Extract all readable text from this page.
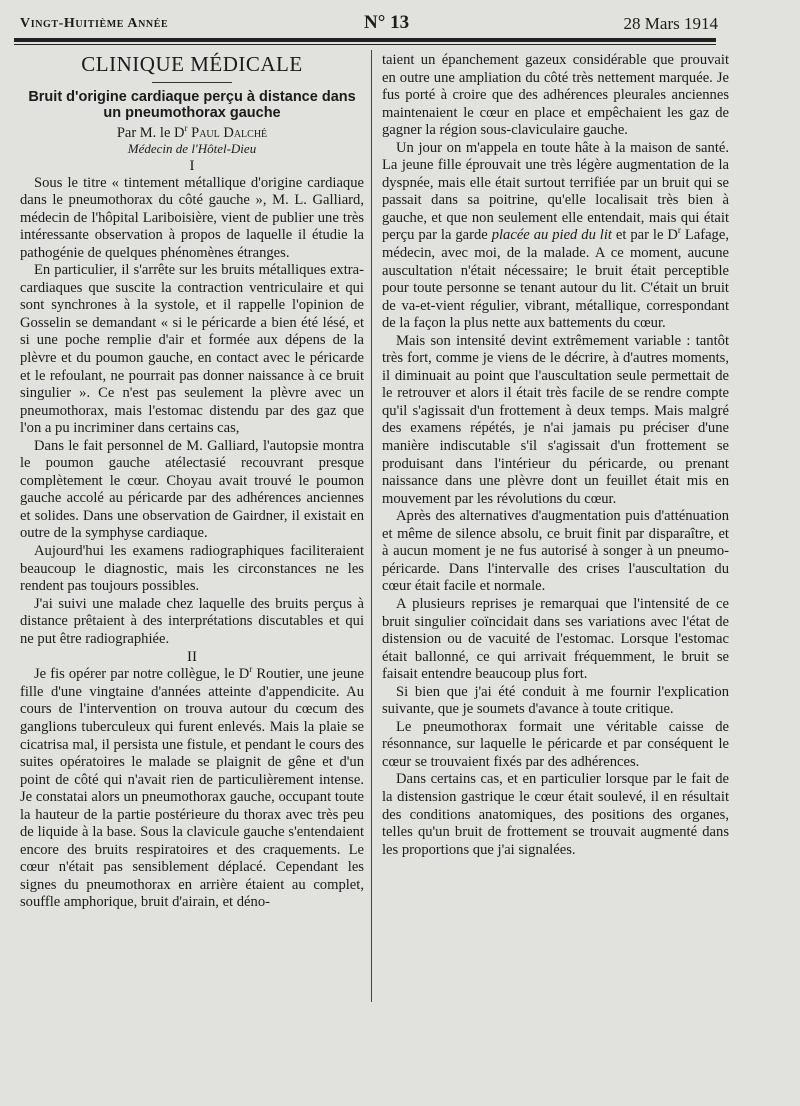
Vingt-Huitième Année	N° 13	28 Mars 1914
CLINIQUE MÉDICALE
Bruit d'origine cardiaque perçu à distance dans un pneumothorax gauche
Par M. le $D^r$ Paul Dalché
Médecin de l'Hôtel-Dieu
I

Sous le titre « tintement métallique d'origine cardiaque dans le pneumothorax du côté gauche », M. L. Galliard, médecin de l'hôpital Lariboisière, vient de publier une très intéressante observation à propos de laquelle il étudie la pathogénie de quelques phénomènes étranges.

En particulier, il s'arrête sur les bruits métalliques extra-cardiaques que suscite la contraction ventriculaire et qui sont synchrones à la systole, et il rappelle l'opinion de Gosselin se demandant « si le péricarde a bien été lésé, et si une poche remplie d'air et formée aux dépens de la plèvre et du poumon gauche, en contact avec le péricarde et le refoulant, ne pourrait pas donner naissance à ce bruit singulier ». Ce n'est pas seulement la plèvre avec un pneumothorax, mais l'estomac distendu par des gaz que l'on a pu incriminer dans certains cas,

Dans le fait personnel de M. Galliard, l'autopsie montra le poumon gauche atélectasié recouvrant presque complètement le cœur. Choyau avait trouvé le poumon gauche accolé au péricarde par des adhérences anciennes et solides. Dans une observation de Gairdner, il existait en outre de la symphyse cardiaque.

Aujourd'hui les examens radiographiques faciliteraient beaucoup le diagnostic, mais les circonstances ne les rendent pas toujours possibles.

J'ai suivi une malade chez laquelle des bruits perçus à distance prêtaient à des interprétations discutables et qui ne put être radiographiée.

II

Je fis opérer par notre collègue, le $D^r$ Routier, une jeune fille d'une vingtaine d'années atteinte d'appendicite. Au cours de l'intervention on trouva autour du cœcum des ganglions tuberculeux qui furent enlevés. Mais la plaie se cicatrisa mal, il persista une fistule, et pendant le cours des suites opératoires le malade se plaignit de gêne et d'un point de côté qui n'avait rien de particulièrement intense. Je constatai alors un pneumothorax gauche, occupant toute la hauteur de la partie postérieure du thorax avec très peu de liquide à la base. Sous la clavicule gauche s'entendaient encore des bruits respiratoires et des craquements. Le cœur n'était pas sensiblement déplacé. Cependant les signes du pneumothorax en arrière étaient au complet, souffle amphorique, bruit d'airain, et déno-

taient un épanchement gazeux considérable que prouvait en outre une ampliation du côté très nettement marquée. Je fus porté à croire que des adhérences pleurales anciennes maintenaient le cœur en place et empêchaient les gaz de gagner la région sous-claviculaire gauche.

Un jour on m'appela en toute hâte à la maison de santé. La jeune fille éprouvait une très légère augmentation de la dyspnée, mais elle était surtout terrifiée par un bruit qui se passait dans sa poitrine, qu'elle localisait très bien à gauche, et que non seulement elle entendait, mais qui était perçu par la garde placée au pied du lit et par le $D^r$ Lafage, médecin, avec moi, de la malade. A ce moment, aucune auscultation n'était nécessaire; le bruit était perceptible pour toute personne se tenant autour du lit. C'était un bruit de va-et-vient régulier, vibrant, métallique, correspondant de la façon la plus nette aux battements du cœur.

Mais son intensité devint extrêmement variable : tantôt très fort, comme je viens de le décrire, à d'autres moments, il diminuait au point que l'auscultation seule permettait de le retrouver et alors il était très facile de se rendre compte qu'il s'agissait d'un frottement à deux temps. Mais malgré des examens répétés, je n'ai jamais pu préciser d'une manière indiscutable s'il s'agissait d'un frottement se produisant dans l'intérieur du péricarde, ou prenant naissance dans une plèvre dont un feuillet était mis en mouvement par les révolutions du cœur.

Après des alternatives d'augmentation puis d'atténuation et même de silence absolu, ce bruit finit par disparaître, et à aucun moment je ne fus autorisé à songer à un pneumo-péricarde. Dans l'intervalle des crises l'auscultation du cœur était facile et normale.

A plusieurs reprises je remarquai que l'intensité de ce bruit singulier coïncidait dans ses variations avec l'état de distension ou de vacuité de l'estomac. Lorsque l'estomac était ballonné, ce qui arrivait fréquemment, le bruit se faisait entendre beaucoup plus fort.

Si bien que j'ai été conduit à me fournir l'explication suivante, que je soumets d'avance à toute critique.

Le pneumothorax formait une véritable caisse de résonnance, sur laquelle le péricarde et par conséquent le cœur se trouvaient fixés par des adhérences.

Dans certains cas, et en particulier lorsque par le fait de la distension gastrique le cœur était soulevé, il en résultait des conditions anatomiques, des positions des organes, telles qu'un bruit de frottement se trouvait augmenté dans les proportions que j'ai signalées.
